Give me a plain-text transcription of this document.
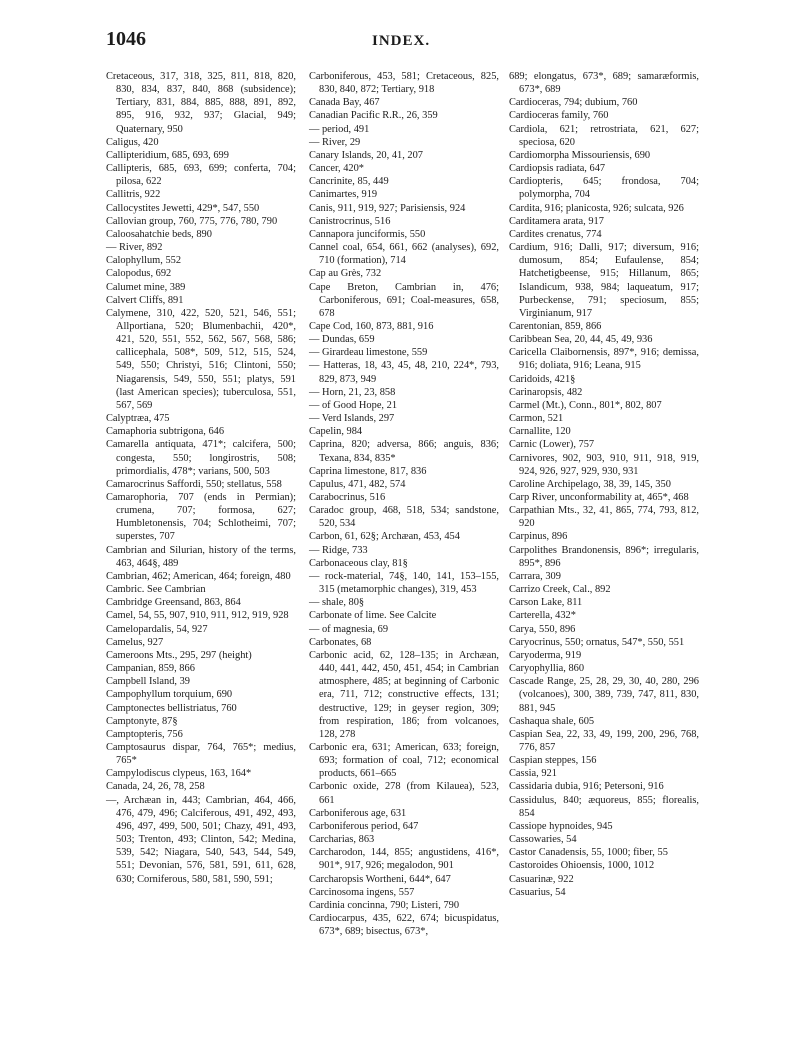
1046	INDEX.
Cretaceous, 317, 318, 325, 811, 818, 820, 830, 834, 837, 840, 868 (subsidence); Tertiary, 831, 884, 885, 888, 891, 892, 895, 916, 932, 937; Glacial, 949; Quaternary, 950
Caligus, 420
Callipteridium, 685, 693, 699
Callipteris, 685, 693, 699; conferta, 704; pilosa, 622
Callitris, 922
Callocystites Jewetti, 429*, 547, 550
Callovian group, 760, 775, 776, 780, 790
Caloosahatchie beds, 890
— River, 892
Calophyllum, 552
Calopodus, 692
Calumet mine, 389
Calvert Cliffs, 891
Calymene, 310, 422, 520, 521, 546, 551; Allportiana, 520; Blumenbachii, 420*, 421, 520, 551, 552, 562, 567, 568, 586; callicephala, 508*, 509, 512, 515, 524, 549, 550; Christyi, 516; Clintoni, 550; Niagarensis, 549, 550, 551; platys, 591 (last American species); tuberculosa, 551, 567, 569
Calyptræa, 475
Camaphoria subtrigona, 646
Camarella antiquata, 471*; calcifera, 500; congesta, 550; longirostris, 508; primordialis, 478*; varians, 500, 503
Camarocrinus Saffordi, 550; stellatus, 558
Camarophoria, 707 (ends in Permian); crumena, 707; formosa, 627; Humbletonensis, 704; Schlotheimi, 707; superstes, 707
Cambrian and Silurian, history of the terms, 463, 464§, 489
Cambrian, 462; American, 464; foreign, 480
Cambric. See Cambrian
Cambridge Greensand, 863, 864
Camel, 54, 55, 907, 910, 911, 912, 919, 928
Camelopardalis, 54, 927
Camelus, 927
Cameroons Mts., 295, 297 (height)
Campanian, 859, 866
Campbell Island, 39
Campophyllum torquium, 690
Camptonectes bellistriatus, 760
Camptonyte, 87§
Camptopteris, 756
Camptosaurus dispar, 764, 765*; medius, 765*
Campylodiscus clypeus, 163, 164*
Canada, 24, 26, 78, 258
—, Archæan in, 443; Cambrian, 464, 466, 476, 479, 496; Calciferous, 491, 492, 493, 496, 497, 499, 500, 501; Chazy, 491, 493, 503; Trenton, 493; Clinton, 542; Medina, 539, 542; Niagara, 540, 543, 544, 549, 551; Devonian, 576, 581, 591, 611, 628, 630; Corniferous, 580, 581, 590, 591;
Carboniferous, 453, 581; Cretaceous, 825, 830, 840, 872; Tertiary, 918
Canada Bay, 467
Canadian Pacific R.R., 26, 359
— period, 491
— River, 29
Canary Islands, 20, 41, 207
Cancer, 420*
Cancrinite, 85, 449
Canimartes, 919
Canis, 911, 919, 927; Parisiensis, 924
Canistrocrinus, 516
Cannapora junciformis, 550
Cannel coal, 654, 661, 662 (analyses), 692, 710 (formation), 714
Cap au Grès, 732
Cape Breton, Cambrian in, 476; Carboniferous, 691; Coal-measures, 658, 678
Cape Cod, 160, 873, 881, 916
— Dundas, 659
— Girardeau limestone, 559
— Hatteras, 18, 43, 45, 48, 210, 224*, 793, 829, 873, 949
— Horn, 21, 23, 858
— of Good Hope, 21
— Verd Islands, 297
Capelin, 984
Caprina, 820; adversa, 866; anguis, 836; Texana, 834, 835*
Caprina limestone, 817, 836
Capulus, 471, 482, 574
Carabocrinus, 516
Caradoc group, 468, 518, 534; sandstone, 520, 534
Carbon, 61, 62§; Archæan, 453, 454
— Ridge, 733
Carbonaceous clay, 81§
— rock-material, 74§, 140, 141, 153–155, 315 (metamorphic changes), 319, 453
— shale, 80§
Carbonate of lime. See Calcite
— of magnesia, 69
Carbonates, 68
Carbonic acid, 62, 128–135; in Archæan, 440, 441, 442, 450, 451, 454; in Cambrian atmosphere, 485; at beginning of Carbonic era, 711, 712; constructive effects, 131; destructive, 129; in geyser region, 309; from respiration, 186; from volcanoes, 128, 278
Carbonic era, 631; American, 633; foreign, 693; formation of coal, 712; economical products, 661–665
Carbonic oxide, 278 (from Kilauea), 523, 661
Carboniferous age, 631
Carboniferous period, 647
Carcharias, 863
Carcharodon, 144, 855; angustidens, 416*, 901*, 917, 926; megalodon, 901
Carcharopsis Wortheni, 644*, 647
Carcinosoma ingens, 557
Cardinia concinna, 790; Listeri, 790
Cardiocarpus, 435, 622, 674; bicuspidatus, 673*, 689; bisectus, 673*,
689; elongatus, 673*, 689; samaræformis, 673*, 689
Cardioceras, 794; dubium, 760
Cardioceras family, 760
Cardiola, 621; retrostriata, 621, 627; speciosa, 620
Cardiomorpha Missouriensis, 690
Cardiopsis radiata, 647
Cardiopteris, 645; frondosa, 704; polymorpha, 704
Cardita, 916; planicosta, 926; sulcata, 926
Carditamera arata, 917
Cardites crenatus, 774
Cardium, 916; Dalli, 917; diversum, 916; dumosum, 854; Eufaulense, 854; Hatchetigbeense, 915; Hillanum, 865; Islandicum, 938, 984; laqueatum, 917; Purbeckense, 791; speciosum, 855; Virginianum, 917
Carentonian, 859, 866
Caribbean Sea, 20, 44, 45, 49, 936
Caricella Claibornensis, 897*, 916; demissa, 916; doliata, 916; Leana, 915
Caridoids, 421§
Carinaropsis, 482
Carmel (Mt.), Conn., 801*, 802, 807
Carmon, 521
Carnallite, 120
Carnic (Lower), 757
Carnivores, 902, 903, 910, 911, 918, 919, 924, 926, 927, 929, 930, 931
Caroline Archipelago, 38, 39, 145, 350
Carp River, unconformability at, 465*, 468
Carpathian Mts., 32, 41, 865, 774, 793, 812, 920
Carpinus, 896
Carpolithes Brandonensis, 896*; irregularis, 895*, 896
Carrara, 309
Carrizo Creek, Cal., 892
Carson Lake, 811
Carterella, 432*
Carya, 550, 896
Caryocrinus, 550; ornatus, 547*, 550, 551
Caryoderma, 919
Caryophyllia, 860
Cascade Range, 25, 28, 29, 30, 40, 280, 296 (volcanoes), 300, 389, 739, 747, 811, 830, 881, 945
Cashaqua shale, 605
Caspian Sea, 22, 33, 49, 199, 200, 296, 768, 776, 857
Caspian steppes, 156
Cassia, 921
Cassidaria dubia, 916; Petersoni, 916
Cassidulus, 840; æquoreus, 855; florealis, 854
Cassiope hypnoides, 945
Cassowaries, 54
Castor Canadensis, 55, 1000; fiber, 55
Castoroides Ohioensis, 1000, 1012
Casuarinæ, 922
Casuarius, 54
